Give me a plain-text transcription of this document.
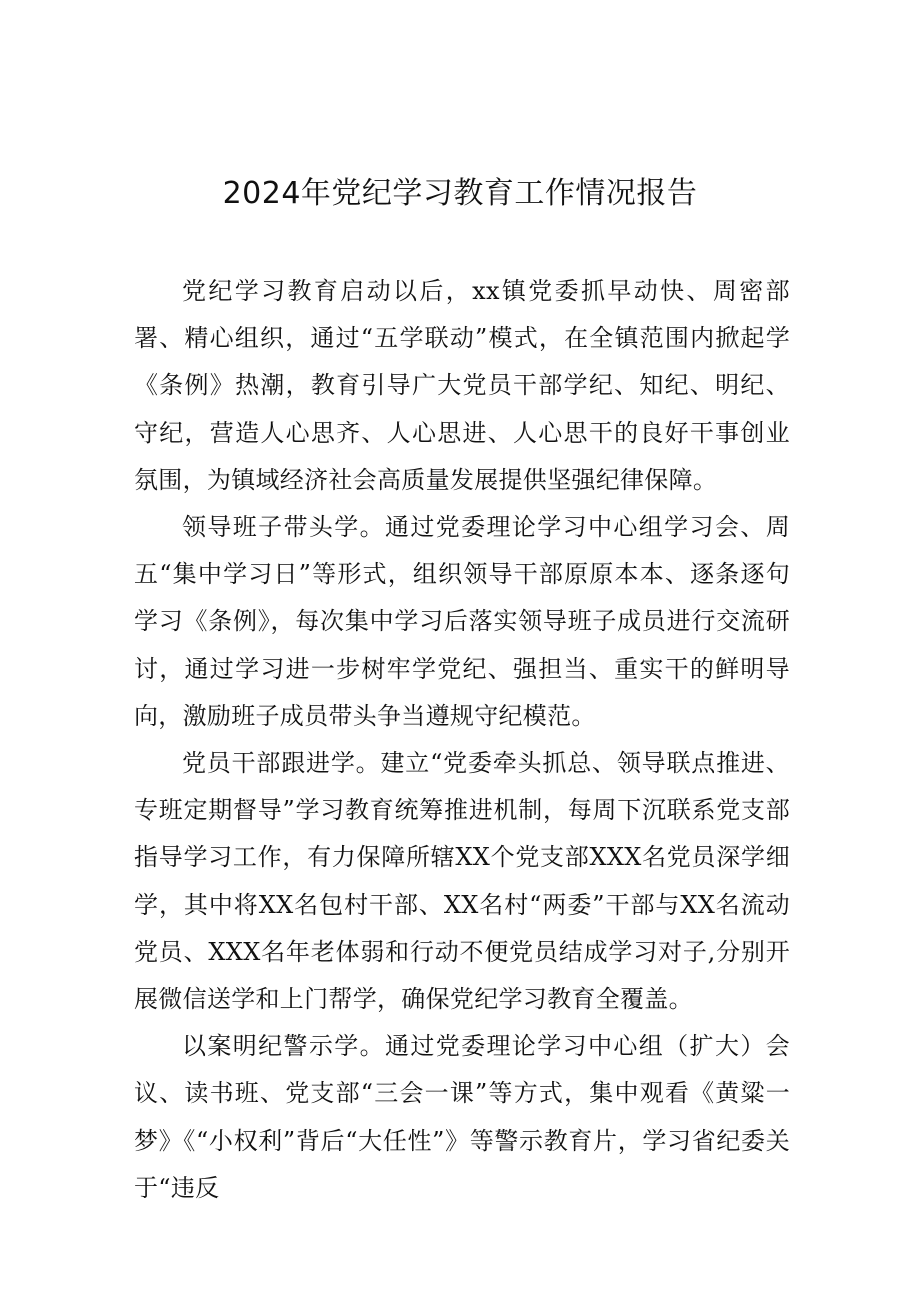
2024年党纪学习教育工作情况报告

党纪学习教育启动以后，xx镇党委抓早动快、周密部署、精心组织，通过“五学联动”模式，在全镇范围内掀起学《条例》热潮，教育引导广大党员干部学纪、知纪、明纪、守纪，营造人心思齐、人心思进、人心思干的良好干事创业氛围，为镇域经济社会高质量发展提供坚强纪律保障。

领导班子带头学。通过党委理论学习中心组学习会、周五“集中学习日”等形式，组织领导干部原原本本、逐条逐句学习《条例》，每次集中学习后落实领导班子成员进行交流研讨，通过学习进一步树牢学党纪、强担当、重实干的鲜明导向，激励班子成员带头争当遵规守纪模范。

党员干部跟进学。建立“党委牵头抓总、领导联点推进、专班定期督导”学习教育统筹推进机制，每周下沉联系党支部指导学习工作，有力保障所辖XX个党支部XXX名党员深学细学，其中将XX名包村干部、XX名村“两委”干部与XX名流动党员、XXX名年老体弱和行动不便党员结成学习对子,分别开展微信送学和上门帮学，确保党纪学习教育全覆盖。

以案明纪警示学。通过党委理论学习中心组（扩大）会议、读书班、党支部“三会一课”等方式，集中观看《黄粱一梦》《“小权利”背后“大任性”》等警示教育片，学习省纪委关于“违反
